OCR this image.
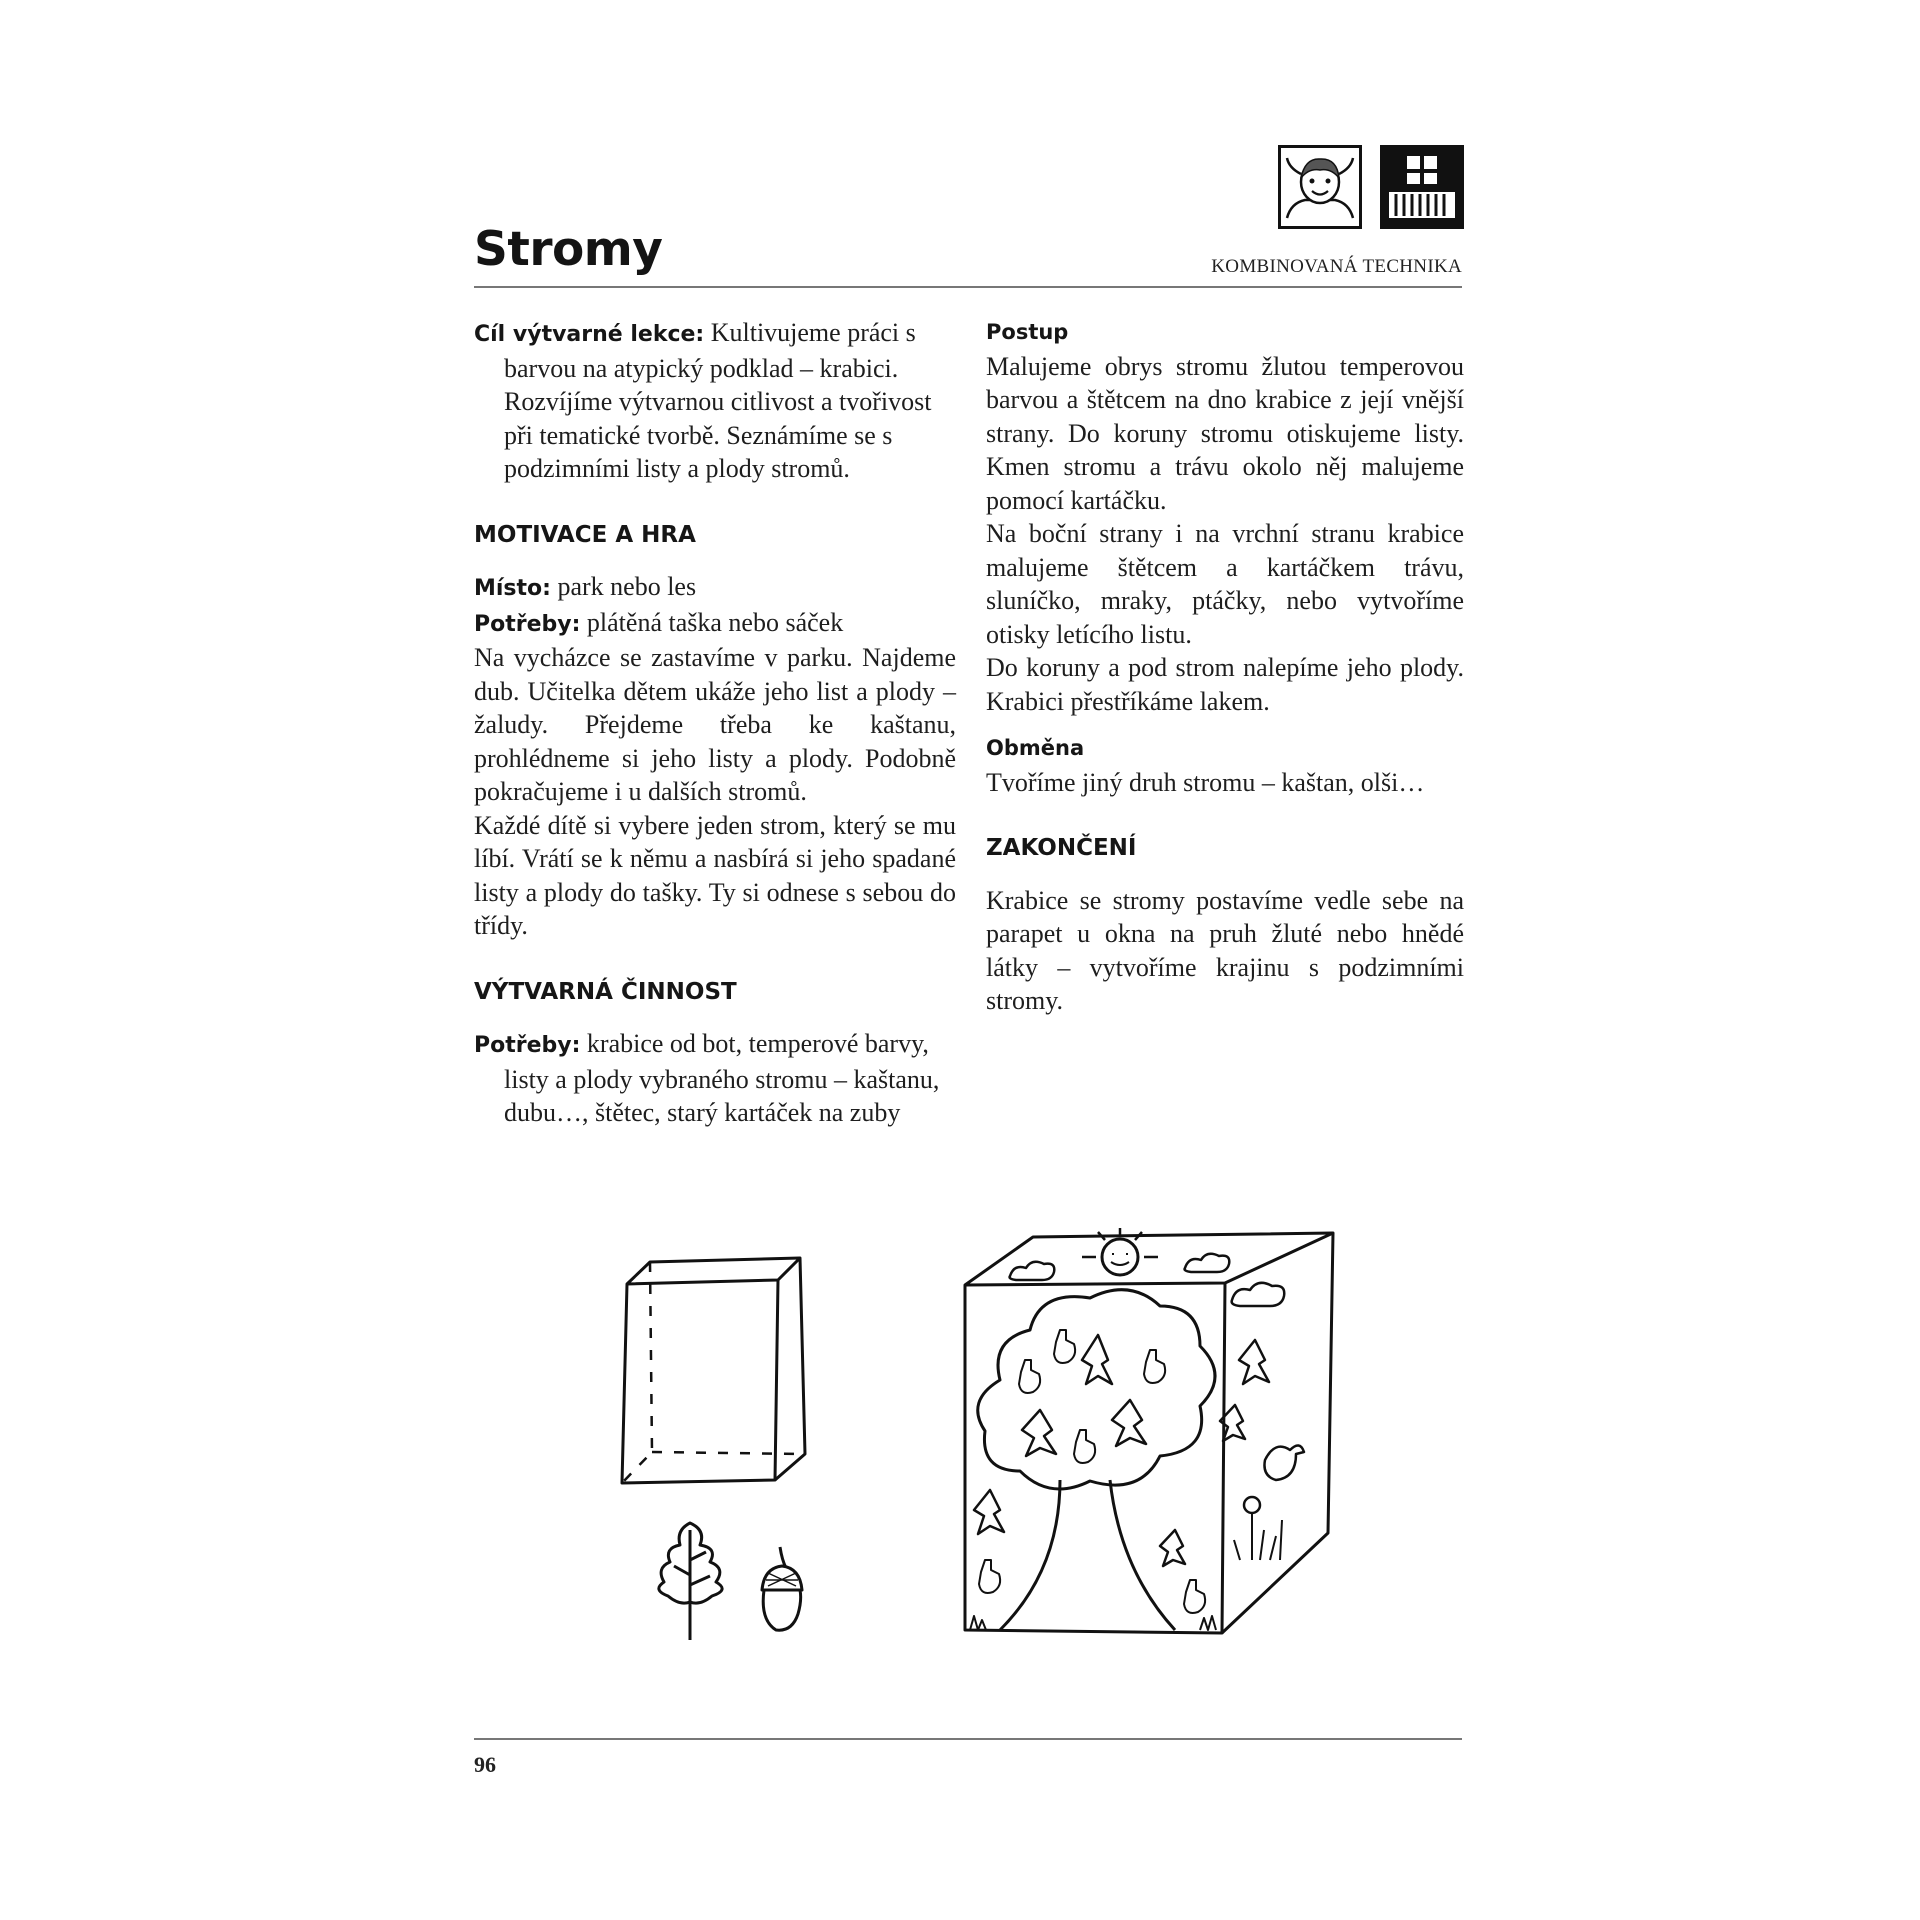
Stromy	KOMBINOVANÁ TECHNIKA

Cíl výtvarné lekce: Kultivujeme práci s barvou na atypický podklad – krabici. Rozvíjíme výtvarnou citlivost a tvořivost při tematické tvorbě. Seznámíme se s podzimními listy a plody stromů.

MOTIVACE A HRA

Místo: park nebo les

Potřeby: plátěná taška nebo sáček

Na vycházce se zastavíme v parku. Najdeme dub. Učitelka dětem ukáže jeho list a plody – žaludy. Přejdeme třeba ke kaštanu, prohlédneme si jeho listy a plody. Podobně pokračujeme i u dalších stromů.

Každé dítě si vybere jeden strom, který se mu líbí. Vrátí se k němu a nasbírá si jeho spadané listy a plody do tašky. Ty si odnese s sebou do třídy.

VÝTVARNÁ ČINNOST

Potřeby: krabice od bot, temperové barvy, listy a plody vybraného stromu – kaštanu, dubu…, štětec, starý kartáček na zuby

Postup

Malujeme obrys stromu žlutou temperovou barvou a štětcem na dno krabice z její vnější strany. Do koruny stromu otiskujeme listy. Kmen stromu a trávu okolo něj malujeme pomocí kartáčku.

Na boční strany i na vrchní stranu krabice malujeme štětcem a kartáčkem trávu, sluníčko, mraky, ptáčky, nebo vytvoříme otisky letícího listu.

Do koruny a pod strom nalepíme jeho plody. Krabici přestříkáme lakem.

Obměna

Tvoříme jiný druh stromu – kaštan, olši…

ZAKONČENÍ

Krabice se stromy postavíme vedle sebe na parapet u okna na pruh žluté nebo hnědé látky – vytvoříme krajinu s podzimními stromy.

96
